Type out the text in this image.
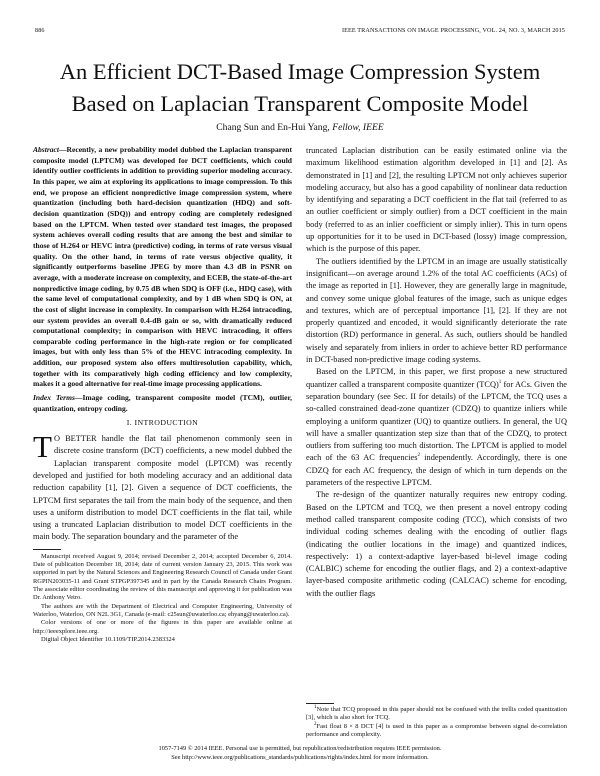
886	IEEE TRANSACTIONS ON IMAGE PROCESSING, VOL. 24, NO. 3, MARCH 2015
An Efficient DCT-Based Image Compression System
Based on Laplacian Transparent Composite Model
Chang Sun and En-Hui Yang, Fellow, IEEE

Abstract—Recently, a new probability model dubbed the Laplacian transparent composite model (LPTCM) was developed for DCT coefficients, which could identify outlier coefficients in addition to providing superior modeling accuracy. In this paper, we aim at exploring its applications to image compression. To this end, we propose an efficient nonpredictive image compression system, where quantization (including both hard-decision quantization (HDQ) and soft-decision quantization (SDQ)) and entropy coding are completely redesigned based on the LPTCM. When tested over standard test images, the proposed system achieves overall coding results that are among the best and similar to those of H.264 or HEVC intra (predictive) coding, in terms of rate versus visual quality. On the other hand, in terms of rate versus objective quality, it significantly outperforms baseline JPEG by more than 4.3 dB in PSNR on average, with a moderate increase on complexity, and ECEB, the state-of-the-art nonpredictive image coding, by 0.75 dB when SDQ is OFF (i.e., HDQ case), with the same level of computational complexity, and by 1 dB when SDQ is ON, at the cost of slight increase in complexity. In comparison with H.264 intracoding, our system provides an overall 0.4-dB gain or so, with dramatically reduced computational complexity; in comparison with HEVC intracoding, it offers comparable coding performance in the high-rate region or for complicated images, but with only less than 5% of the HEVC intracoding complexity. In addition, our proposed system also offers multiresolution capability, which, together with its comparatively high coding efficiency and low complexity, makes it a good alternative for real-time image processing applications.

Index Terms—Image coding, transparent composite model (TCM), outlier, quantization, entropy coding.

I. INTRODUCTION

T O BETTER handle the flat tail phenomenon commonly seen in discrete cosine transform (DCT) coefficients, a new model dubbed the Laplacian transparent composite model (LPTCM) was recently developed and justified for both modeling accuracy and an additional data reduction capability [1], [2]. Given a sequence of DCT coefficients, the LPTCM first separates the tail from the main body of the sequence, and then uses a uniform distribution to model DCT coefficients in the flat tail, while using a truncated Laplacian distribution to model DCT coefficients in the main body. The separation boundary and the parameter of the

Manuscript received August 9, 2014; revised December 2, 2014; accepted December 6, 2014. Date of publication December 18, 2014; date of current version January 23, 2015. This work was supported in part by the Natural Sciences and Engineering Research Council of Canada under Grant RGPIN203035-11 and Grant STPGP397345 and in part by the Canada Research Chairs Program. The associate editor coordinating the review of this manuscript and approving it for publication was Dr. Anthony Vetro.

The authors are with the Department of Electrical and Computer Engineering, University of Waterloo, Waterloo, ON N2L 3G1, Canada (e-mail: c25sun@uwaterloo.ca; ehyang@uwaterloo.ca).

Color versions of one or more of the figures in this paper are available online at http://ieeexplore.ieee.org.

Digital Object Identifier 10.1109/TIP.2014.2383324

truncated Laplacian distribution can be easily estimated online via the maximum likelihood estimation algorithm developed in [1] and [2]. As demonstrated in [1] and [2], the resulting LPTCM not only achieves superior modeling accuracy, but also has a good capability of nonlinear data reduction by identifying and separating a DCT coefficient in the flat tail (referred to as an outlier coefficient or simply outlier) from a DCT coefficient in the main body (referred to as an inlier coefficient or simply inlier). This in turn opens up opportunities for it to be used in DCT-based (lossy) image compression, which is the purpose of this paper.

The outliers identified by the LPTCM in an image are usually statistically insignificant—on average around 1.2% of the total AC coefficients (ACs) of the image as reported in [1]. However, they are generally large in magnitude, and convey some unique global features of the image, such as unique edges and textures, which are of perceptual importance [1], [2]. If they are not properly quantized and encoded, it would significantly deteriorate the rate distortion (RD) performance in general. As such, outliers should be handled wisely and separately from inliers in order to achieve better RD performance in DCT-based non-predictive image coding systems.

Based on the LPTCM, in this paper, we first propose a new structured quantizer called a transparent composite quantizer (TCQ)$^1$ for ACs. Given the separation boundary (see Sec. II for details) of the LPTCM, the TCQ uses a so-called constrained dead-zone quantizer (CDZQ) to quantize inliers while employing a uniform quantizer (UQ) to quantize outliers. In general, the UQ will have a smaller quantization step size than that of the CDZQ, to protect outliers from suffering too much distortion. The LPTCM is applied to model each of the 63 AC frequencies$^2$ independently. Accordingly, there is one CDZQ for each AC frequency, the design of which in turn depends on the parameters of the respective LPTCM.

The re-design of the quantizer naturally requires new entropy coding. Based on the LPTCM and TCQ, we then present a novel entropy coding method called transparent composite coding (TCC), which consists of two individual coding schemes dealing with the encoding of outlier flags (indicating the outlier locations in the image) and quantized indices, respectively: 1) a context-adaptive layer-based bi-level image coding (CALBIC) scheme for encoding the outlier flags, and 2) a context-adaptive layer-based composite arithmetic coding (CALCAC) scheme for encoding, with the outlier flags

$^1$Note that TCQ proposed in this paper should not be confused with the trellis coded quantization [3], which is also short for TCQ.

$^2$Fast float 8 × 8 DCT [4] is used in this paper as a compromise between signal de-correlation performance and complexity.

1057-7149 © 2014 IEEE. Personal use is permitted, but republication/redistribution requires IEEE permission.
See http://www.ieee.org/publications_standards/publications/rights/index.html for more information.
